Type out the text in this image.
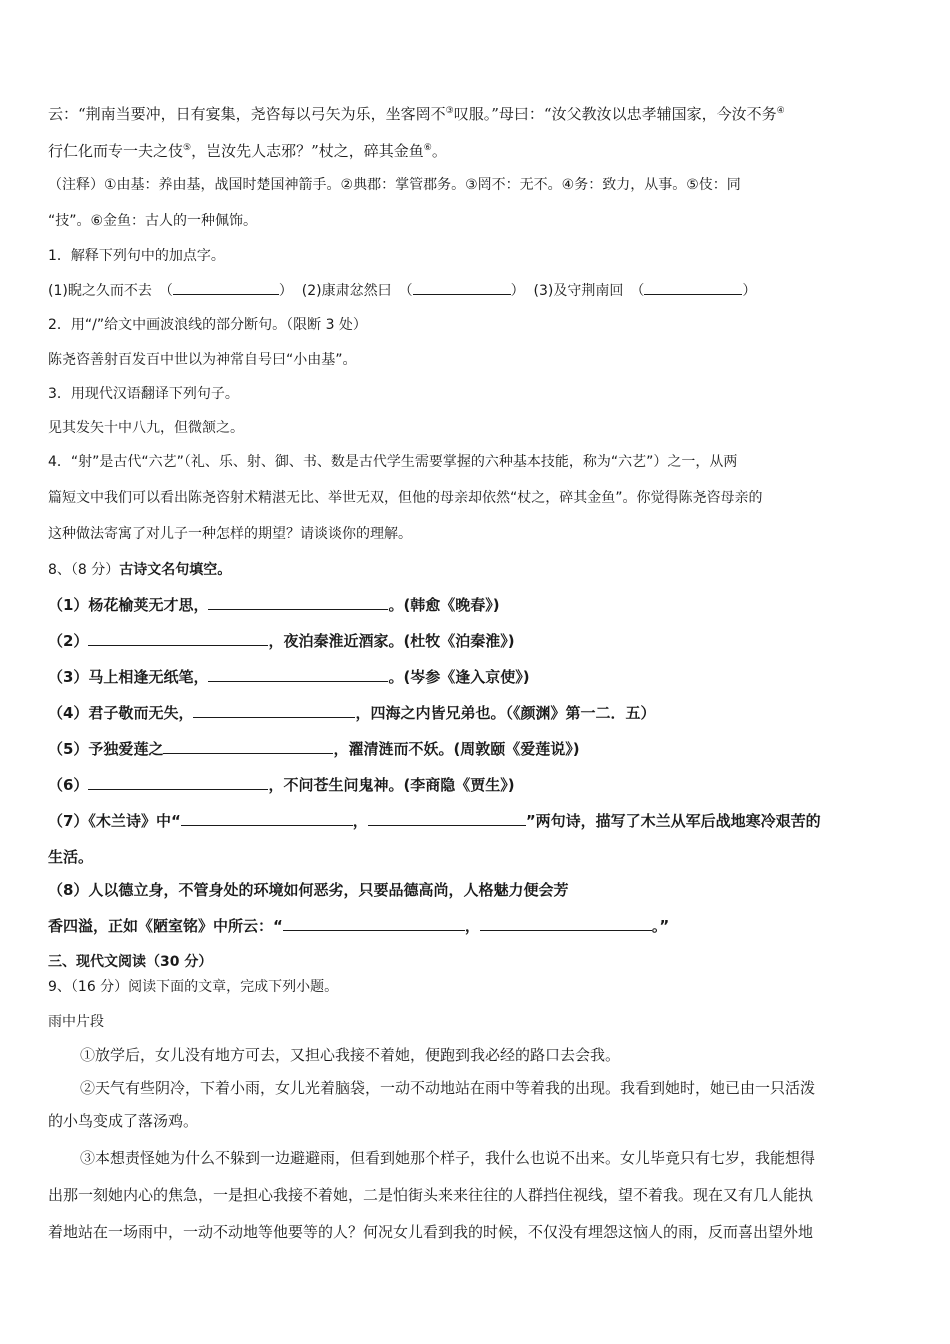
云：“荆南当要冲，日有宴集，尧咨每以弓矢为乐，坐客罔不③叹服。”母曰：“汝父教汝以忠孝辅国家，今汝不务④
行仁化而专一夫之伎⑤，岂汝先人志邪？”杖之，碎其金鱼⑥。
（注释）①由基：养由基，战国时楚国神箭手。②典郡：掌管郡务。③罔不：无不。④务：致力，从事。⑤伎：同
“技”。⑥金鱼：古人的一种佩饰。
1．解释下列句中的加点字。
(1)睨之久而不去　（	） (2)康肃忿然曰　（	） (3)及守荆南回　（	）
2．用“/”给文中画波浪线的部分断句。（限断 3 处）
陈尧咨善射百发百中世以为神常自号曰“小由基”。
3．用现代汉语翻译下列句子。
见其发矢十中八九，但微颔之。
4．“射”是古代“六艺”（礼、乐、射、御、书、数是古代学生需要掌握的六种基本技能，称为“六艺”）之一，从两
篇短文中我们可以看出陈尧咨射术精湛无比、举世无双，但他的母亲却依然“杖之，碎其金鱼”。你觉得陈尧咨母亲的
这种做法寄寓了对儿子一种怎样的期望？请谈谈你的理解。
8、（8 分）古诗文名句填空。
（1）杨花榆荚无才思，	。(韩愈《晚春》)
（2）	，夜泊秦淮近酒家。(杜牧《泊秦淮》)
（3）马上相逢无纸笔，	。(岑参《逢入京使》)
（4）君子敬而无失，	，四海之内皆兄弟也。（《颜渊》第一二．五）
（5）予独爱莲之	，濯清涟而不妖。(周敦颐《爱莲说》)
（6）	，不问苍生问鬼神。(李商隐《贾生》)
（7）《木兰诗》中“	，	”两句诗，描写了木兰从军后战地寒冷艰苦的
生活。
（8）人以德立身，不管身处的环境如何恶劣，只要品德高尚，人格魅力便会芳
香四溢，正如《陋室铭》中所云：“	，	。”
三、现代文阅读（30 分）
9、（16 分）阅读下面的文章，完成下列小题。
雨中片段
①放学后，女儿没有地方可去，又担心我接不着她，便跑到我必经的路口去会我。
②天气有些阴冷，下着小雨，女儿光着脑袋，一动不动地站在雨中等着我的出现。我看到她时，她已由一只活泼
的小鸟变成了落汤鸡。
③本想责怪她为什么不躲到一边避避雨，但看到她那个样子，我什么也说不出来。女儿毕竟只有七岁，我能想得
出那一刻她内心的焦急，一是担心我接不着她，二是怕街头来来往往的人群挡住视线，望不着我。现在又有几人能执
着地站在一场雨中，一动不动地等他要等的人？何况女儿看到我的时候，不仅没有埋怨这恼人的雨，反而喜出望外地
